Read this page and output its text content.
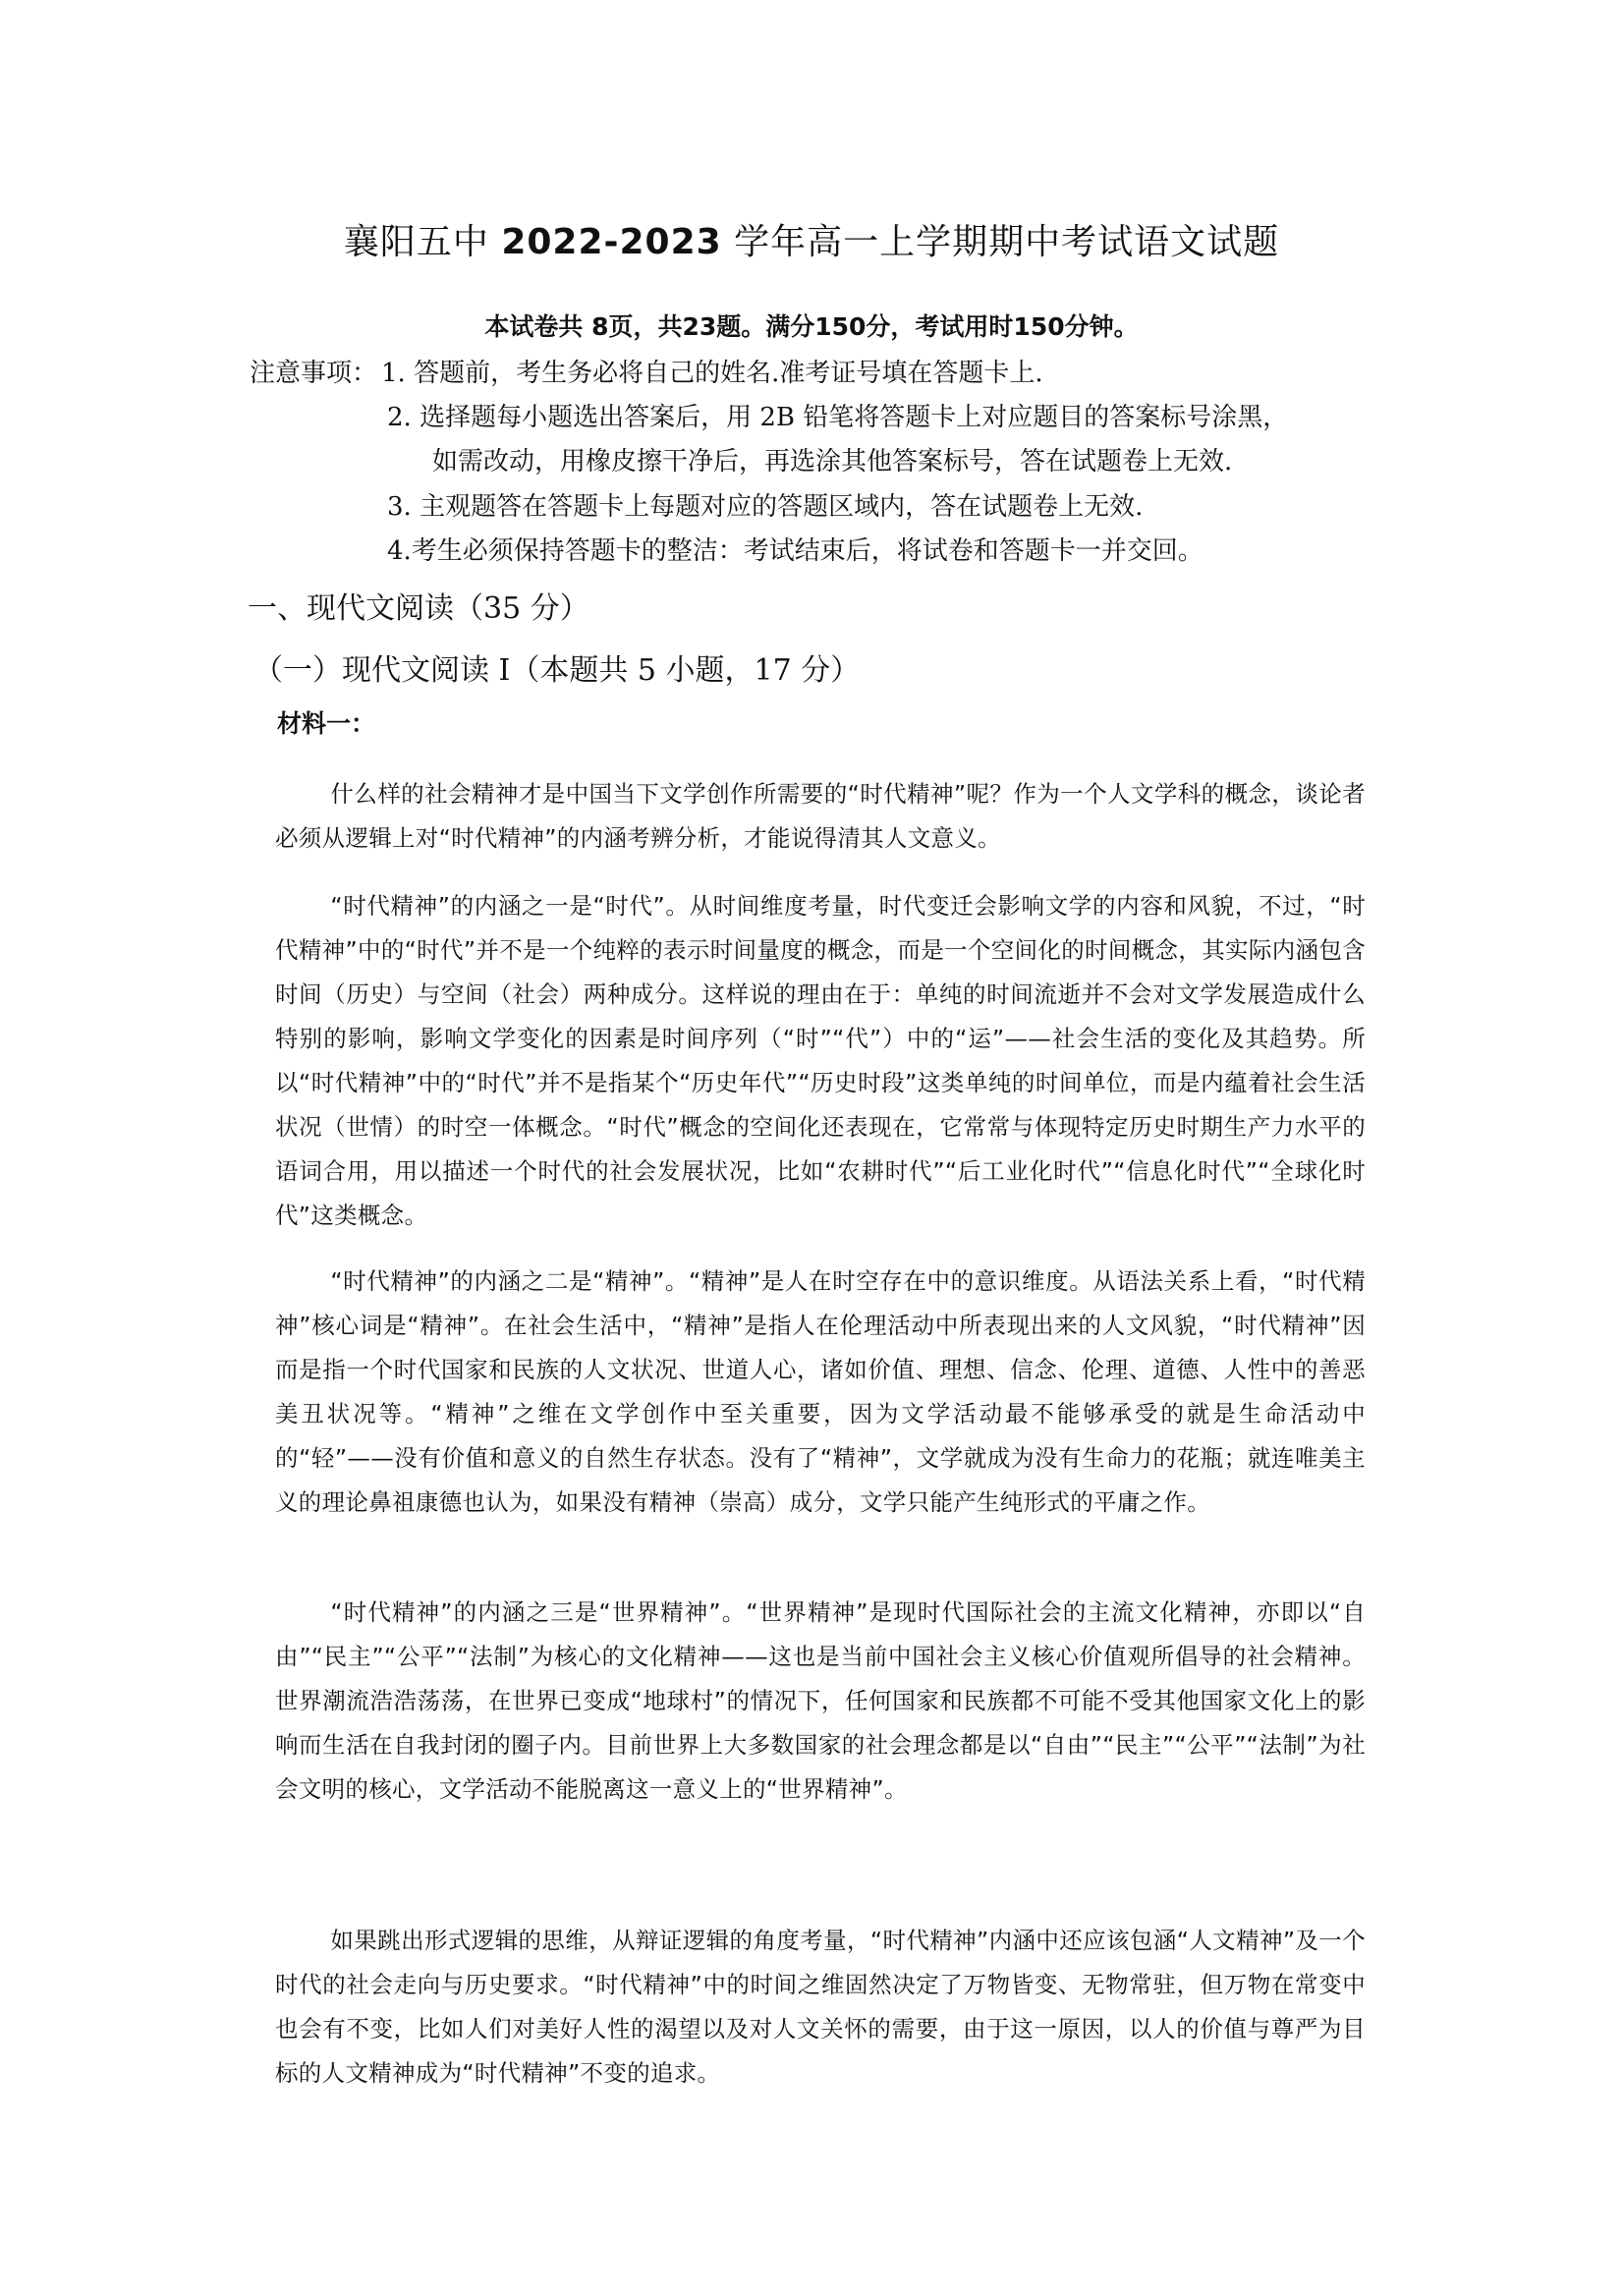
襄阳五中 2022-2023 学年高一上学期期中考试语文试题
本试卷共 8页，共23题。满分150分，考试用时150分钟。
注意事项： 1. 答题前，考生务必将自己的姓名.准考证号填在答题卡上.
2. 选择题每小题选出答案后，用 2B 铅笔将答题卡上对应题目的答案标号涂黑，
如需改动，用橡皮擦干净后，再选涂其他答案标号，答在试题卷上无效.
3. 主观题答在答题卡上每题对应的答题区域内，答在试题卷上无效.
4.考生必须保持答题卡的整洁：考试结束后，将试卷和答题卡一并交回。
一、现代文阅读（35 分）
（一）现代文阅读 I（本题共 5 小题，17 分）
材料一：
什么样的社会精神才是中国当下文学创作所需要的“时代精神”呢？作为一个人文学科的概念，谈论者必须从逻辑上对“时代精神”的内涵考辨分析，才能说得清其人文意义。
“时代精神”的内涵之一是“时代”。从时间维度考量，时代变迁会影响文学的内容和风貌，不过，“时代精神”中的“时代”并不是一个纯粹的表示时间量度的概念，而是一个空间化的时间概念，其实际内涵包含时间（历史）与空间（社会）两种成分。这样说的理由在于：单纯的时间流逝并不会对文学发展造成什么特别的影响，影响文学变化的因素是时间序列（“时”“代”）中的“运”——社会生活的变化及其趋势。所以“时代精神”中的“时代”并不是指某个“历史年代”“历史时段”这类单纯的时间单位，而是内蕴着社会生活状况（世情）的时空一体概念。“时代”概念的空间化还表现在，它常常与体现特定历史时期生产力水平的语词合用，用以描述一个时代的社会发展状况，比如“农耕时代”“后工业化时代”“信息化时代”“全球化时代”这类概念。
“时代精神”的内涵之二是“精神”。“精神”是人在时空存在中的意识维度。从语法关系上看，“时代精神”核心词是“精神”。在社会生活中，“精神”是指人在伦理活动中所表现出来的人文风貌，“时代精神”因而是指一个时代国家和民族的人文状况、世道人心，诸如价值、理想、信念、伦理、道德、人性中的善恶美丑状况等。“精神”之维在文学创作中至关重要，因为文学活动最不能够承受的就是生命活动中的“轻”——没有价值和意义的自然生存状态。没有了“精神”，文学就成为没有生命力的花瓶；就连唯美主义的理论鼻祖康德也认为，如果没有精神（崇高）成分，文学只能产生纯形式的平庸之作。
“时代精神”的内涵之三是“世界精神”。“世界精神”是现时代国际社会的主流文化精神，亦即以“自由”“民主”“公平”“法制”为核心的文化精神——这也是当前中国社会主义核心价值观所倡导的社会精神。世界潮流浩浩荡荡，在世界已变成“地球村”的情况下，任何国家和民族都不可能不受其他国家文化上的影响而生活在自我封闭的圈子内。目前世界上大多数国家的社会理念都是以“自由”“民主”“公平”“法制”为社会文明的核心，文学活动不能脱离这一意义上的“世界精神”。
如果跳出形式逻辑的思维，从辩证逻辑的角度考量，“时代精神”内涵中还应该包涵“人文精神”及一个时代的社会走向与历史要求。“时代精神”中的时间之维固然决定了万物皆变、无物常驻，但万物在常变中也会有不变，比如人们对美好人性的渴望以及对人文关怀的需要，由于这一原因，以人的价值与尊严为目标的人文精神成为“时代精神”不变的追求。
